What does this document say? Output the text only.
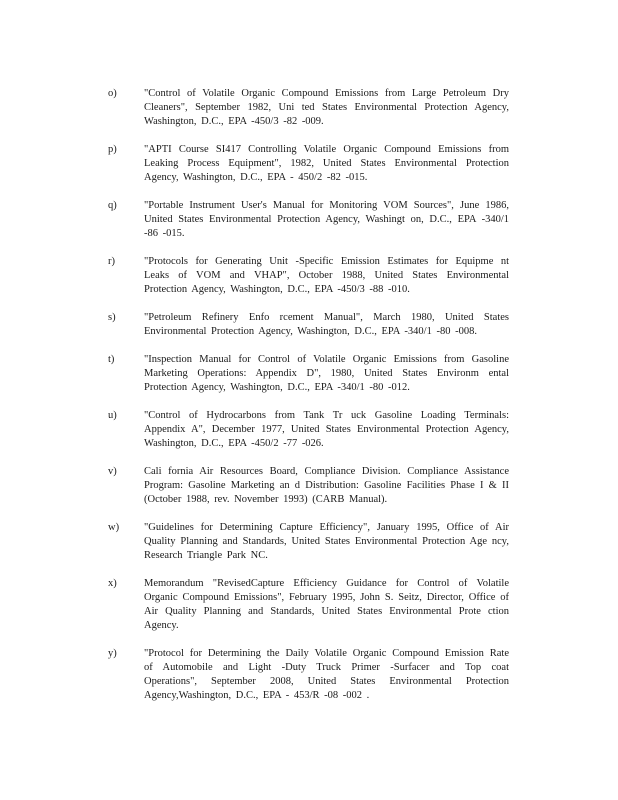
o)	"Control of Volatile Organic Compound Emissions from Large Petroleum Dry Cleaners", September 1982, Uni ted States Environmental Protection Agency, Washington, D.C., EPA -450/3 -82 -009.
p)	"APTI Course SI417 Controlling Volatile Organic Compound Emissions from Leaking Process Equipment", 1982, United States Environmental Protection Agency, Washington, D.C., EPA - 450/2 -82 -015.
q)	"Portable Instrument User's Manual for Monitoring VOM Sources", June 1986, United States Environmental Protection Agency, Washingt on, D.C., EPA -340/1 -86 -015.
r)	"Protocols for Generating Unit -Specific Emission Estimates for Equipme nt Leaks of VOM and VHAP", October 1988, United States Environmental Protection Agency, Washington, D.C., EPA -450/3 -88 -010.
s)	"Petroleum Refinery Enfo rcement Manual", March 1980, United States Environmental Protection Agency, Washington, D.C., EPA -340/1 -80 -008.
t)	"Inspection Manual for Control of Volatile Organic Emissions from Gasoline Marketing Operations: Appendix D", 1980, United States Environm ental Protection Agency, Washington, D.C., EPA -340/1 -80 -012.
u)	"Control of Hydrocarbons from Tank Tr uck Gasoline Loading Terminals: Appendix A", December 1977, United States Environmental Protection Agency, Washington, D.C., EPA -450/2 -77 -026.
v)	Cali fornia Air Resources Board, Compliance Division. Compliance Assistance Program: Gasoline Marketing an d Distribution: Gasoline Facilities Phase I & II (October 1988, rev. November 1993) (CARB Manual).
w)	"Guidelines for Determining Capture Efficiency", January 1995, Office of Air Quality Planning and Standards, United States Environmental Protection Age ncy, Research Triangle Park NC.
x)	Memorandum "RevisedCapture Efficiency Guidance for Control of Volatile Organic Compound Emissions", February 1995, John S. Seitz, Director, Office of Air Quality Planning and Standards, United States Environmental Prote ction Agency.
y)	"Protocol for Determining the Daily Volatile Organic Compound Emission Rate of Automobile and Light -Duty Truck Primer -Surfacer and Top coat Operations", September 2008, United States Environmental Protection Agency,Washington, D.C., EPA - 453/R -08 -002 .
